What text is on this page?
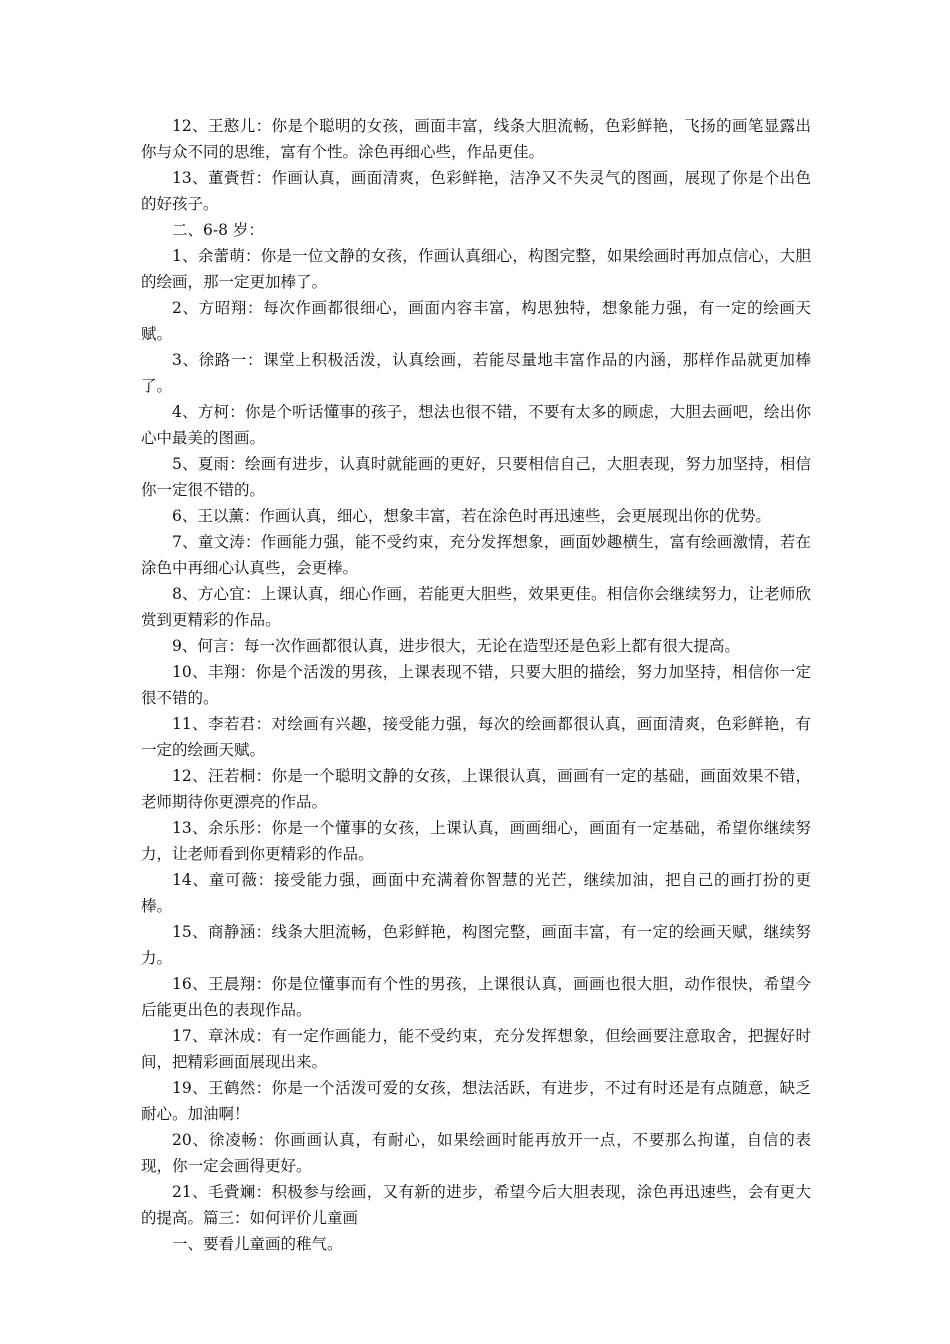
12、王憨儿：你是个聪明的女孩，画面丰富，线条大胆流畅，色彩鲜艳，飞扬的画笔显露出你与众不同的思维，富有个性。涂色再细心些，作品更佳。

13、董賫哲：作画认真，画面清爽，色彩鲜艳，洁净又不失灵气的图画，展现了你是个出色的好孩子。

二、6-8 岁：

1、余蕾萌：你是一位文静的女孩，作画认真细心，构图完整，如果绘画时再加点信心，大胆的绘画，那一定更加棒了。

2、方昭翔：每次作画都很细心，画面内容丰富，构思独特，想象能力强，有一定的绘画天赋。

3、徐路一：课堂上积极活泼，认真绘画，若能尽量地丰富作品的内涵，那样作品就更加棒了。

4、方柯：你是个听话懂事的孩子，想法也很不错，不要有太多的顾虑，大胆去画吧，绘出你心中最美的图画。

5、夏雨：绘画有进步，认真时就能画的更好，只要相信自己，大胆表现，努力加坚持，相信你一定很不错的。

6、王以薰：作画认真，细心，想象丰富，若在涂色时再迅速些，会更展现出你的优势。

7、童文涛：作画能力强，能不受约束，充分发挥想象，画面妙趣横生，富有绘画激情，若在涂色中再细心认真些，会更棒。

8、方心宜：上课认真，细心作画，若能更大胆些，效果更佳。相信你会继续努力，让老师欣赏到更精彩的作品。

9、何言：每一次作画都很认真，进步很大，无论在造型还是色彩上都有很大提高。

10、丰翔：你是个活泼的男孩，上课表现不错，只要大胆的描绘，努力加坚持，相信你一定很不错的。

11、李若君：对绘画有兴趣，接受能力强，每次的绘画都很认真，画面清爽，色彩鲜艳，有一定的绘画天赋。

12、汪若桐：你是一个聪明文静的女孩，上课很认真，画画有一定的基础，画面效果不错，老师期待你更漂亮的作品。

13、余乐彤：你是一个懂事的女孩，上课认真，画画细心，画面有一定基础，希望你继续努力，让老师看到你更精彩的作品。

14、童可薇：接受能力强，画面中充满着你智慧的光芒，继续加油，把自己的画打扮的更棒。

15、商静涵：线条大胆流畅，色彩鲜艳，构图完整，画面丰富，有一定的绘画天赋，继续努力。

16、王晨翔：你是位懂事而有个性的男孩，上课很认真，画画也很大胆，动作很快，希望今后能更出色的表现作品。

17、章沐成：有一定作画能力，能不受约束，充分发挥想象，但绘画要注意取舍，把握好时间，把精彩画面展现出来。

19、王鹤然：你是一个活泼可爱的女孩，想法活跃，有进步，不过有时还是有点随意，缺乏耐心。加油啊！

20、徐凌畅：你画画认真，有耐心，如果绘画时能再放开一点，不要那么拘谨，自信的表现，你一定会画得更好。

21、毛賫斓：积极参与绘画，又有新的进步，希望今后大胆表现，涂色再迅速些，会有更大的提高。篇三：如何评价儿童画

一、要看儿童画的稚气。
